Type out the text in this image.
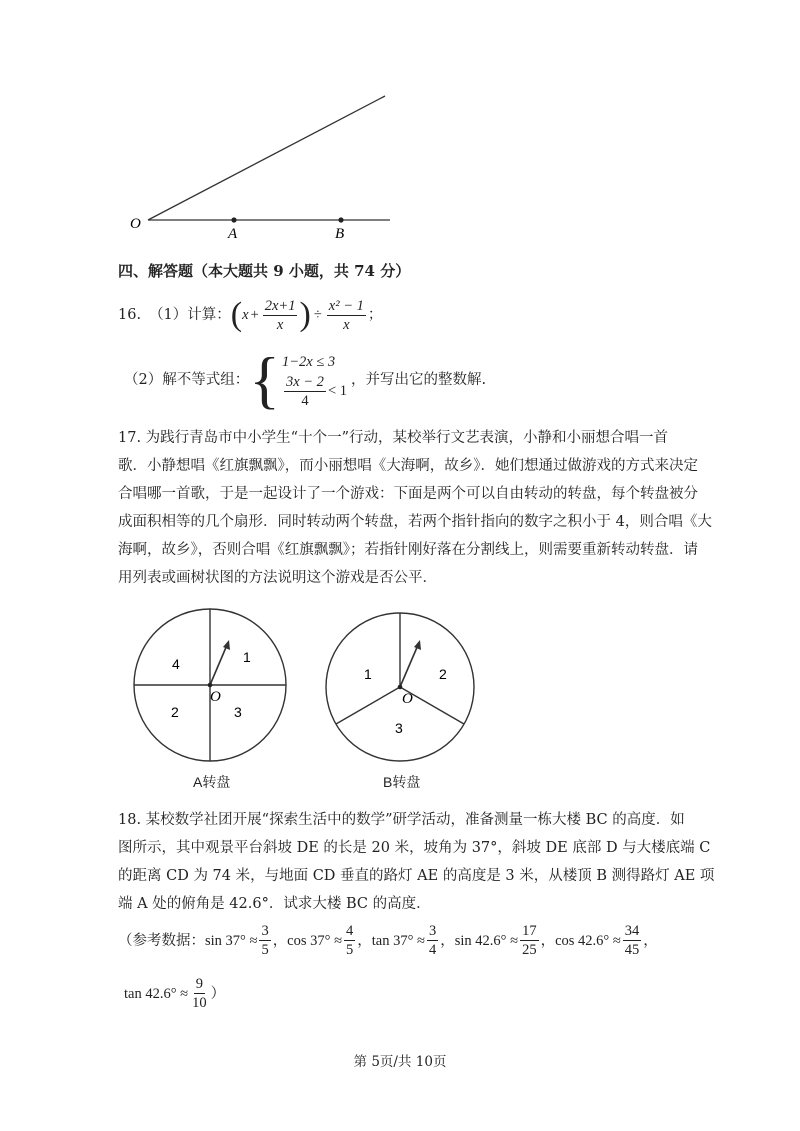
O
A	B
四、解答题（本大题共 9 小题，共 74 分）
16. （1）计算： ( $x + \frac{2x+1}{x}$ ) ÷ $\frac{\text{x² − 1}}{x}$ ；
（2）解不等式组： { 1−2x ≤ 3
$\frac{3x - 2}{4} < 1$
，并写出它的整数解.
17. 为践行青岛市中小学生“十个一”行动，某校举行文艺表演，小静和小丽想合唱一首
歌．小静想唱《红旗飘飘》，而小丽想唱《大海啊，故乡》．她们想通过做游戏的方式来决定
合唱哪一首歌，于是一起设计了一个游戏：下面是两个可以自由转动的转盘，每个转盘被分
成面积相等的几个扇形．同时转动两个转盘，若两个指针指向的数字之积小于 4，则合唱《大
海啊，故乡》，否则合唱《红旗飘飘》；若指针刚好落在分割线上，则需要重新转动转盘．请
用列表或画树状图的方法说明这个游戏是否公平．
4	1
2	3
O
A转盘
1	2
3
O
B转盘
18. 某校数学社团开展“探索生活中的数学”研学活动，准备测量一栋大楼 BC 的高度．如
图所示，其中观景平台斜坡 DE 的长是 20 米，坡角为 37°，斜坡 DE 底部 D 与大楼底端 C
的距离 CD 为 74 米，与地面 CD 垂直的路灯 AE 的高度是 3 米，从楼顶 B 测得路灯 AE 项
端 A 处的俯角是 42.6°．试求大楼 BC 的高度．
（参考数据： $\sin 37^\circ \approx \frac{3}{5}$ ，$\cos 37^\circ \approx \frac{4}{5}$ ，$\tan 37^\circ \approx \frac{3}{4}$ ，$\sin 42.6^\circ \approx \frac{17}{25}$ ，$\cos 42.6^\circ \approx \frac{34}{45}$ ，
$\tan 42.6^\circ \approx \frac{9}{10}$ ）
第 5页/共 10页
